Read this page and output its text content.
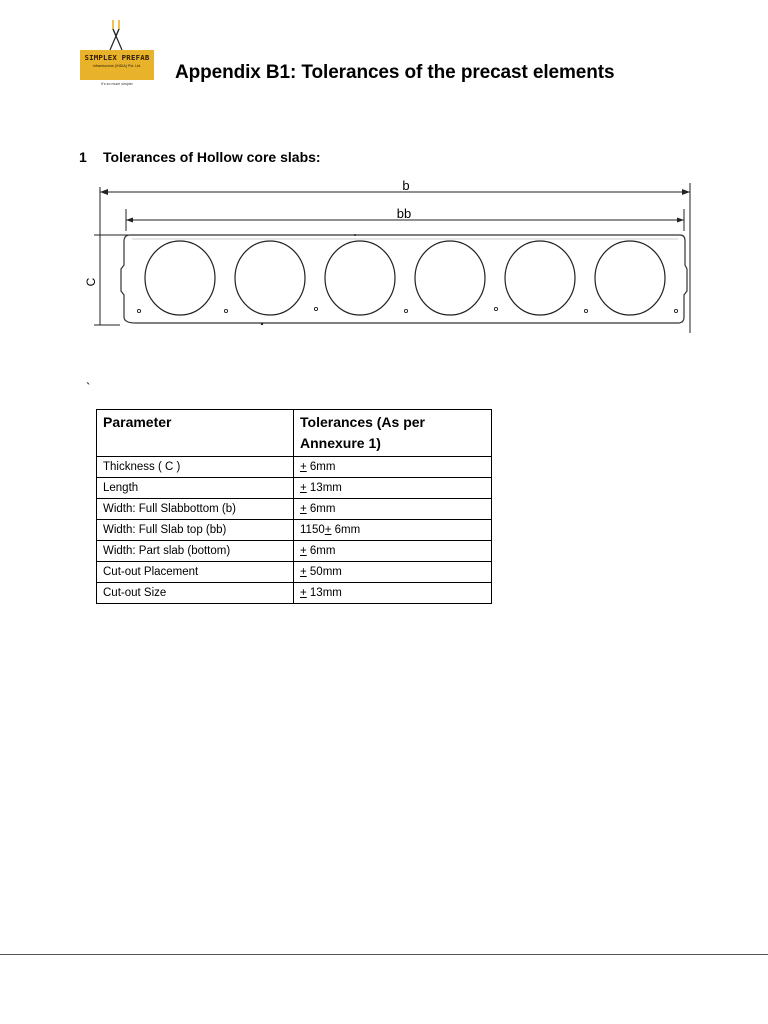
SIMPLEX PREFAB
Infrastructure (INDIA) Pvt. Ltd.
It's so much simpler
Appendix B1: Tolerances of the precast elements
1 Tolerances of Hollow core slabs:
b
bb
C
`
Parameter	Tolerances (As per Annexure 1)
Thickness ( C )	+ 6mm
Length	+ 13mm
Width: Full Slabbottom (b)	+ 6mm
Width: Full Slab top (bb)	1150+ 6mm
Width: Part slab (bottom)	+ 6mm
Cut-out Placement	+ 50mm
Cut-out Size	+ 13mm
